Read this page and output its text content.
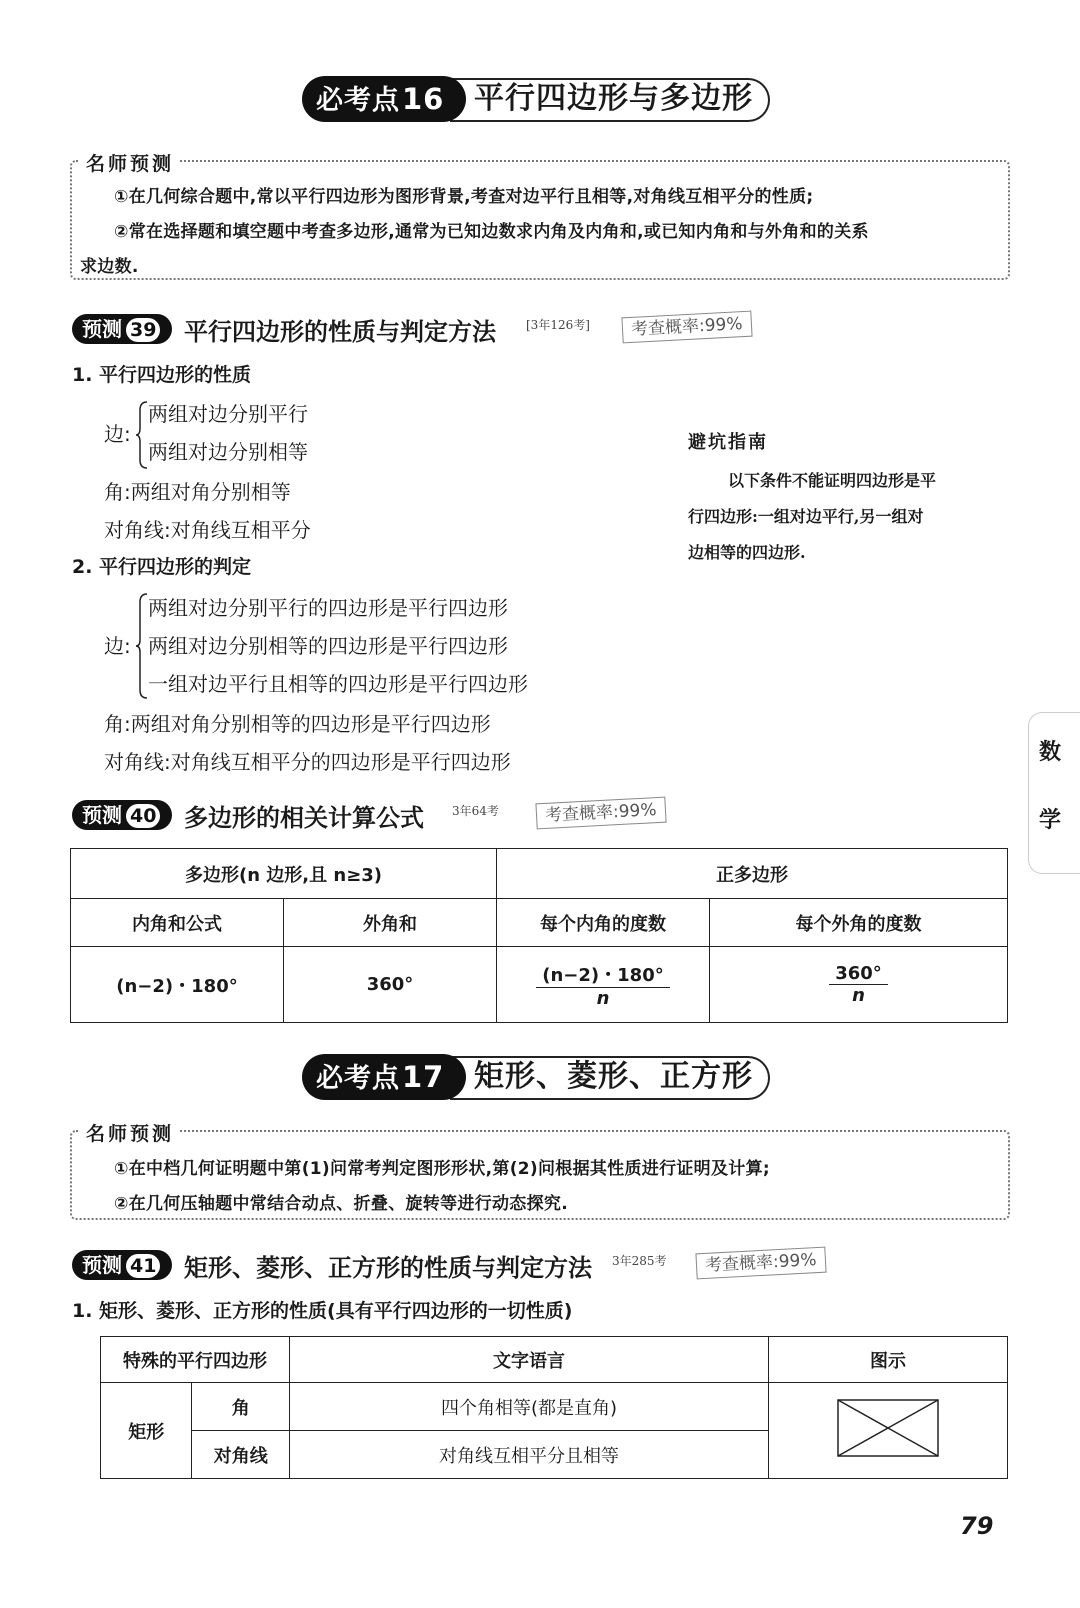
必考点16 平行四边形与多边形
名师预测
①在几何综合题中,常以平行四边形为图形背景,考查对边平行且相等,对角线互相平分的性质;
②常在选择题和填空题中考查多边形,通常为已知边数求内角及内角和,或已知内角和与外角和的关系
求边数.
预测 39	平行四边形的性质与判定方法	[3年126考]	考查概率:99%
1. 平行四边形的性质
边:
两组对边分别平行
两组对边分别相等
角:两组对角分别相等
对角线:对角线互相平分
避坑指南
以下条件不能证明四边形是平
行四边形:一组对边平行,另一组对
边相等的四边形.
2. 平行四边形的判定
边:
两组对边分别平行的四边形是平行四边形
两组对边分别相等的四边形是平行四边形
一组对边平行且相等的四边形是平行四边形
角:两组对角分别相等的四边形是平行四边形
对角线:对角线互相平分的四边形是平行四边形	数
学
预测 40	多边形的相关计算公式 3年64考	考查概率:99%
多边形(n 边形,且 n≥3)		正多边形	
内角和公式	外角和	每个内角的度数	每个外角的度数
(n−2)・180°	360°	$\frac{(n-2)・180^\circ}{n}$	$\frac{360^\circ}{n}$
必考点17 矩形、菱形、正方形
名师预测
①在中档几何证明题中第(1)问常考判定图形形状,第(2)问根据其性质进行证明及计算;
②在几何压轴题中常结合动点、折叠、旋转等进行动态探究.
预测 41	矩形、菱形、正方形的性质与判定方法 3年285考	考查概率:99%
1. 矩形、菱形、正方形的性质(具有平行四边形的一切性质)
特殊的平行四边形		文字语言	图示
矩形	角	四个角相等(都是直角)	
	对角线	对角线互相平分且相等	
79
